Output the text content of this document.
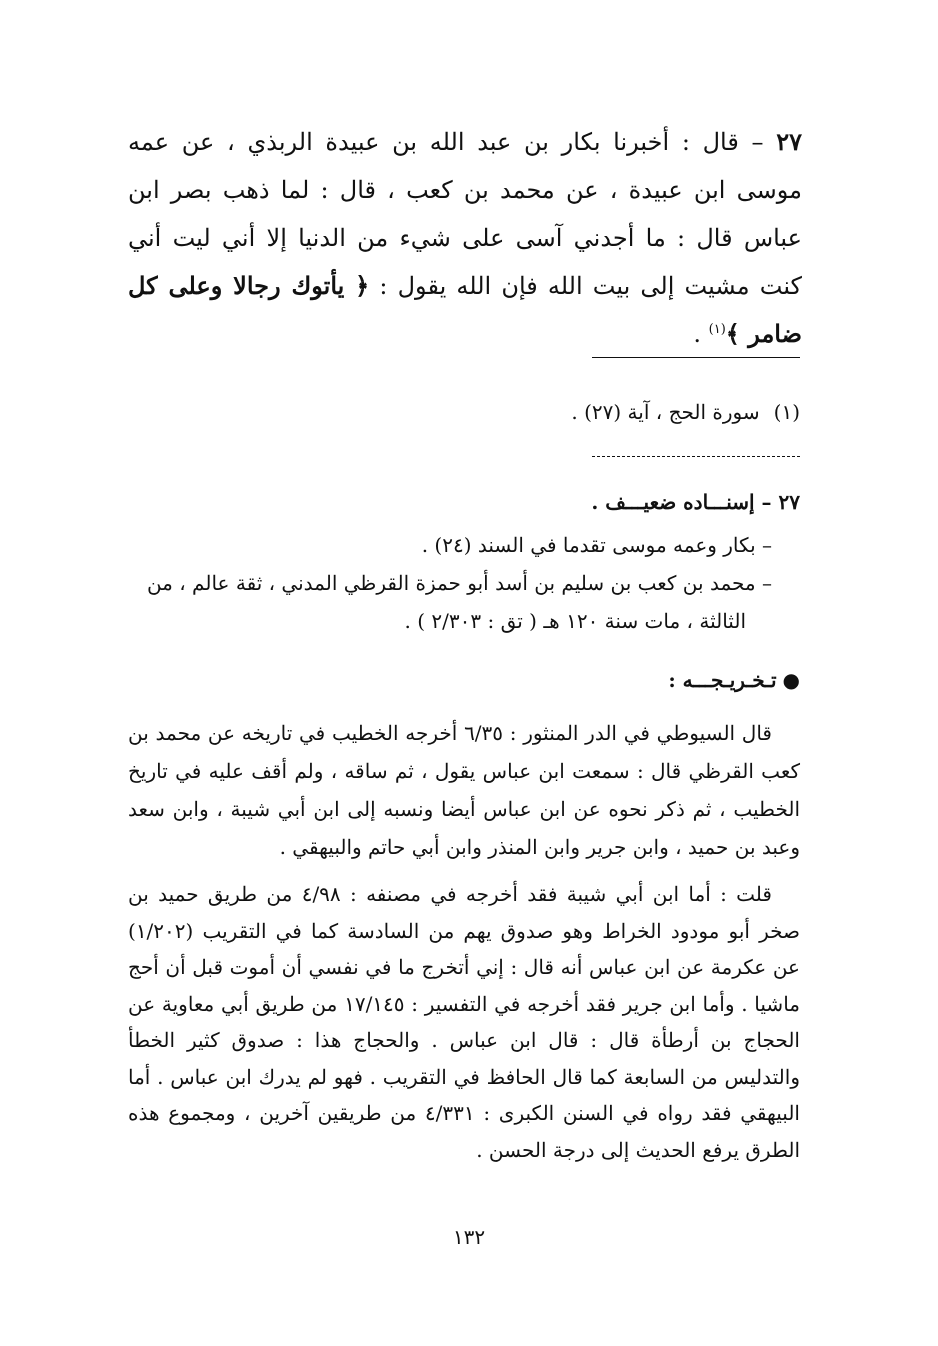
٢٧ – قال : أخبرنا بكار بن عبد الله بن عبيدة الربذي ، عن عمه موسى ابن عبيدة ، عن محمد بن كعب ، قال : لما ذهب بصر ابن عباس قال : ما أجدني آسى على شيء من الدنيا إلا أني ليت أني كنت مشيت إلى بيت الله فإن الله يقول : ﴿ يأتوك رجالا وعلى كل ضامر ﴾$^{(١)}$ .
(١)سورة الحج ، آية (٢٧) .
٢٧ – إسنـــاده ضعيـــف .

– بكار وعمه موسى تقدما في السند (٢٤) .

– محمد بن كعب بن سليم بن أسد أبو حمزة القرظي المدني ، ثقة عالم ، من

الثالثة ، مات سنة ١٢٠ هـ ( تق : ٢/٣٠٣ ) .

●تـخـريـجـــه :

قال السيوطي في الدر المنثور : ٦/٣٥ أخرجه الخطيب في تاريخه عن محمد بن كعب القرظي قال : سمعت ابن عباس يقول ، ثم ساقه ، ولم أقف عليه في تاريخ الخطيب ، ثم ذكر نحوه عن ابن عباس أيضا ونسبه إلى ابن أبي شيبة ، وابن سعد وعبد بن حميد ، وابن جرير وابن المنذر وابن أبي حاتم والبيهقي .

قلت : أما ابن أبي شيبة فقد أخرجه في مصنفه : ٤/٩٨ من طريق حميد بن صخر أبو مودود الخراط وهو صدوق يهم من السادسة كما في التقريب (١/٢٠٢) عن عكرمة عن ابن عباس أنه قال : إني أتخرج ما في نفسي أن أموت قبل أن أحج ماشيا . وأما ابن جرير فقد أخرجه في التفسير : ١٧/١٤٥ من طريق أبي معاوية عن الحجاج بن أرطأة قال : قال ابن عباس . والحجاج هذا : صدوق كثير الخطأ والتدليس من السابعة كما قال الحافظ في التقريب . فهو لم يدرك ابن عباس . أما البيهقي فقد رواه في السنن الكبرى : ٤/٣٣١ من طريقين آخرين ، ومجموع هذه الطرق يرفع الحديث إلى درجة الحسن .

١٣٢
